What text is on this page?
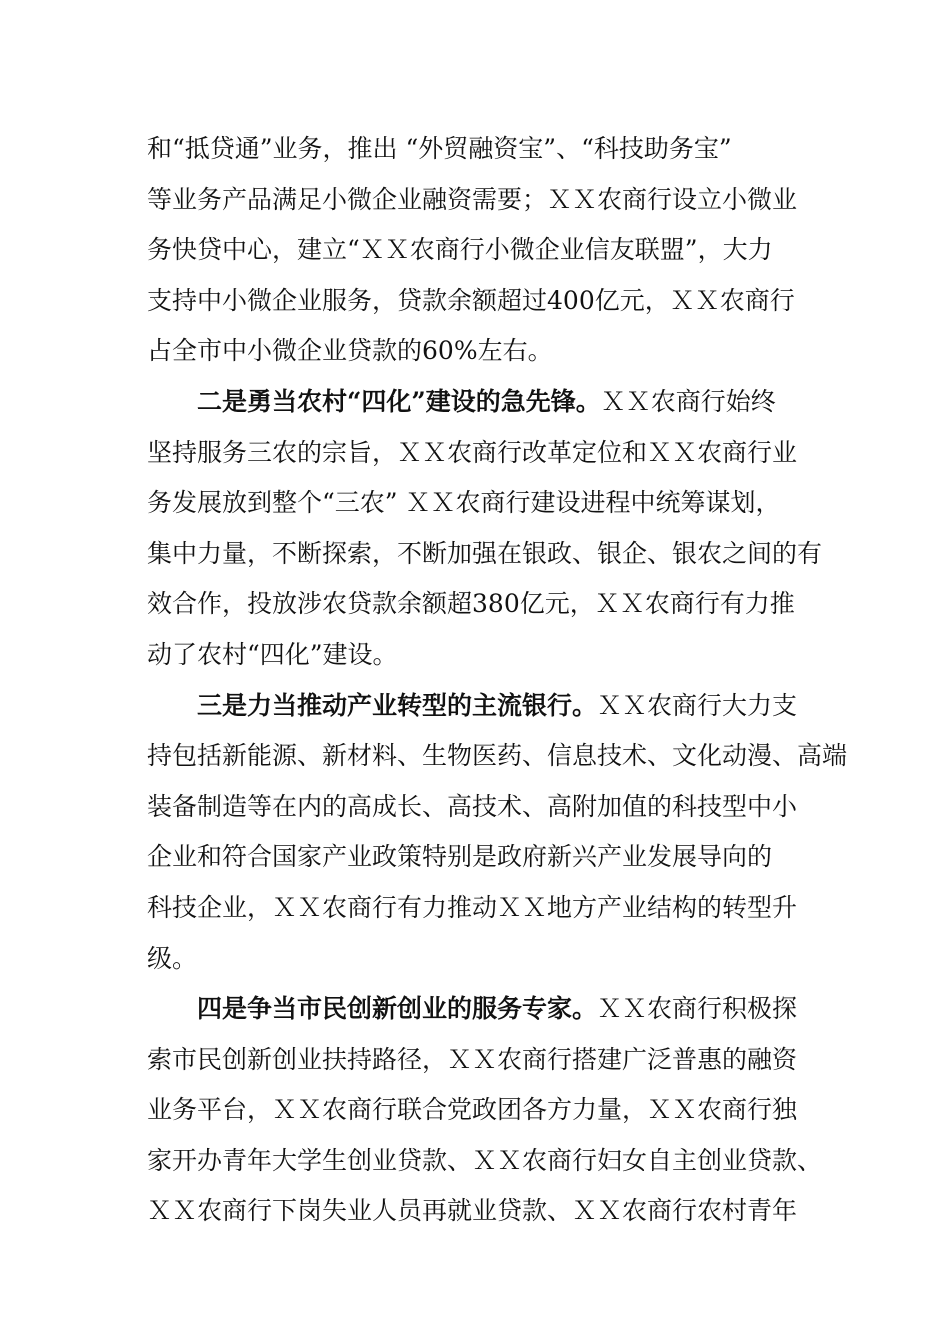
和“抵贷通”业务，推出 “外贸融资宝”、“科技助务宝”
等业务产品满足小微企业融资需要；ＸＸ农商行设立小微业
务快贷中心，建立“ＸＸ农商行小微企业信友联盟”，大力
支持中小微企业服务，贷款余额超过400亿元，ＸＸ农商行
占全市中小微企业贷款的60%左右。
二是勇当农村“四化”建设的急先锋。ＸＸ农商行始终
坚持服务三农的宗旨，ＸＸ农商行改革定位和ＸＸ农商行业
务发展放到整个“三农” ＸＸ农商行建设进程中统筹谋划，
集中力量，不断探索，不断加强在银政、银企、银农之间的有
效合作，投放涉农贷款余额超380亿元，ＸＸ农商行有力推
动了农村“四化”建设。
三是力当推动产业转型的主流银行。ＸＸ农商行大力支
持包括新能源、新材料、生物医药、信息技术、文化动漫、高端
装备制造等在内的高成长、高技术、高附加值的科技型中小
企业和符合国家产业政策特别是政府新兴产业发展导向的
科技企业，ＸＸ农商行有力推动ＸＸ地方产业结构的转型升
级。
四是争当市民创新创业的服务专家。ＸＸ农商行积极探
索市民创新创业扶持路径，ＸＸ农商行搭建广泛普惠的融资
业务平台，ＸＸ农商行联合党政团各方力量，ＸＸ农商行独
家开办青年大学生创业贷款、ＸＸ农商行妇女自主创业贷款、
ＸＸ农商行下岗失业人员再就业贷款、ＸＸ农商行农村青年
